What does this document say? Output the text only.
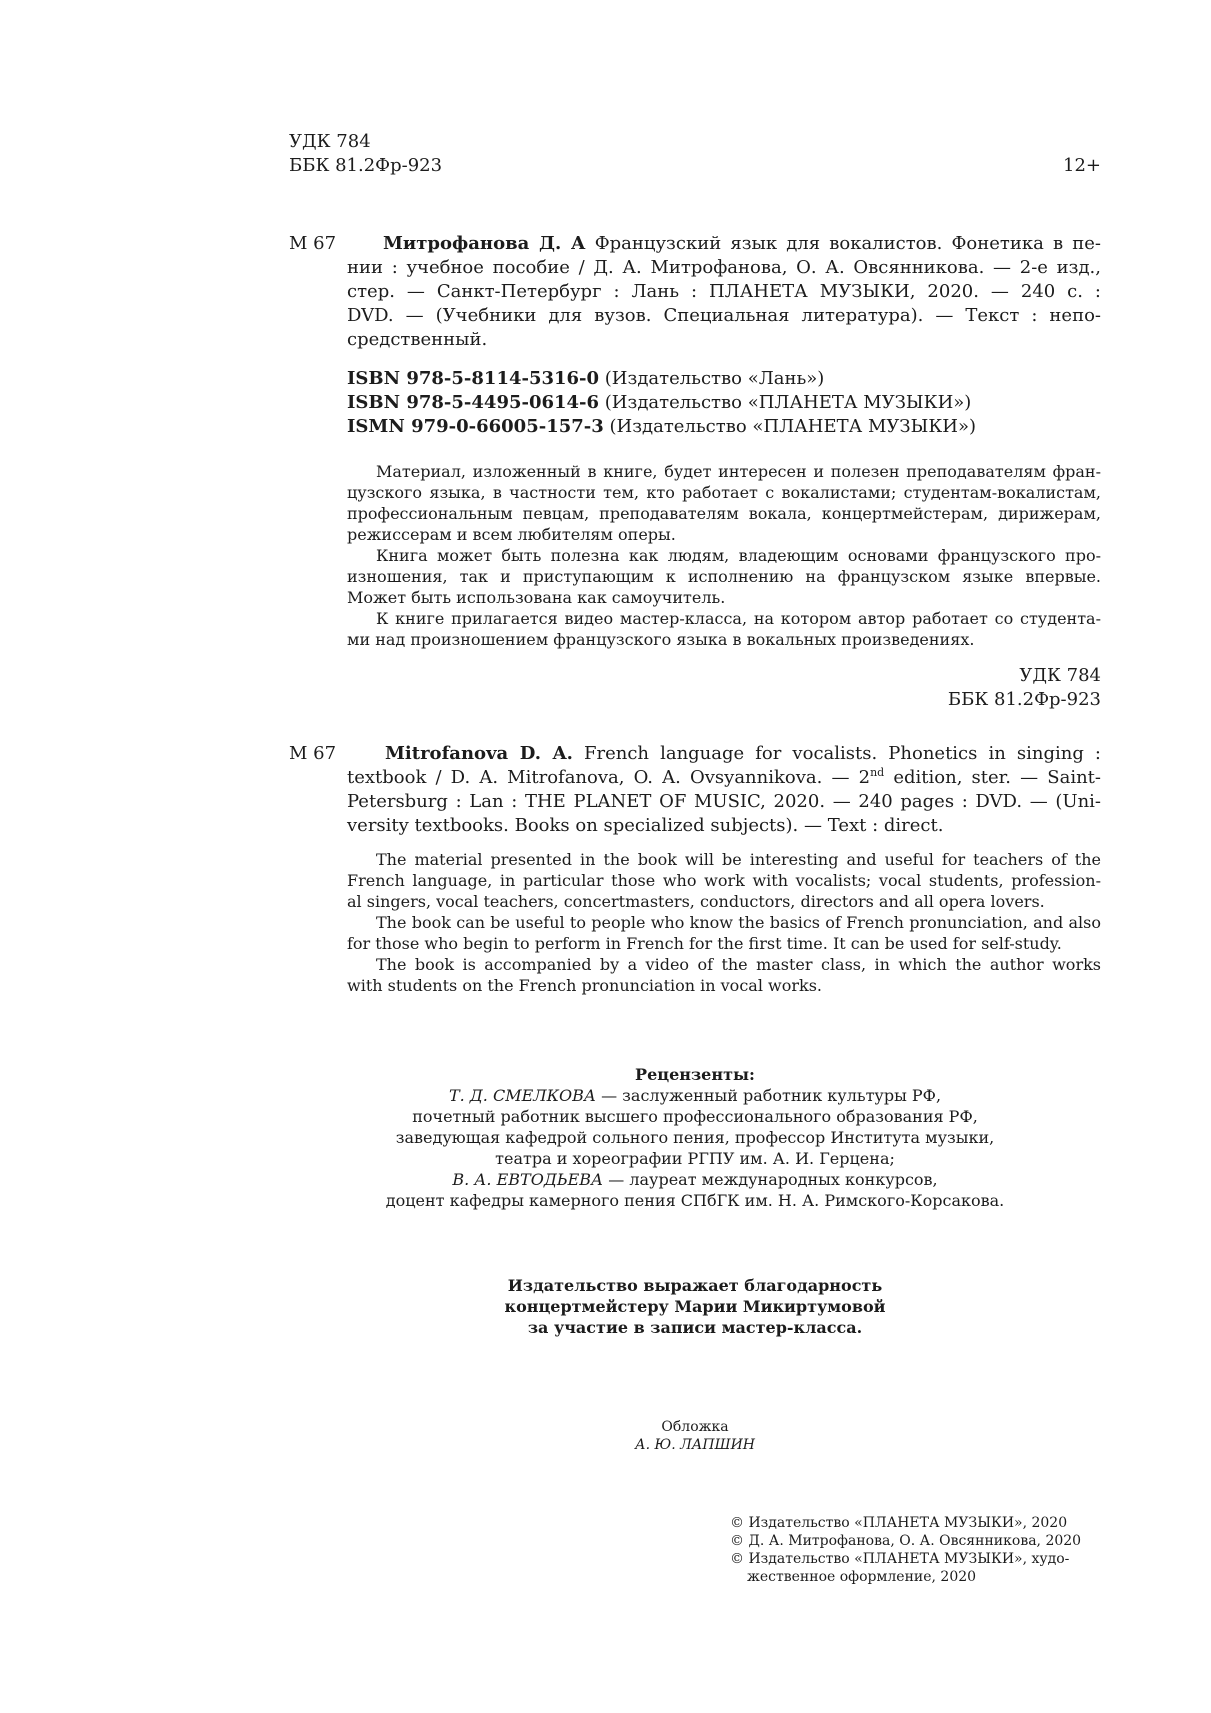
УДК 784
ББК 81.2Фр-923	12+
М 67	Митрофанова Д. А Французский язык для вокалистов. Фонетика в пе-
нии : учебное пособие / Д. А. Митрофанова, О. А. Овсянникова. — 2-е изд.,
стер. — Санкт-Петербург : Лань : ПЛАНЕТА МУЗЫКИ, 2020. — 240 с. :
DVD. — (Учебники для вузов. Специальная литература). — Текст : непо-
средственный.
ISBN 978-5-8114-5316-0 (Издательство «Лань»)
ISBN 978-5-4495-0614-6 (Издательство «ПЛАНЕТА МУЗЫКИ»)
ISMN 979-0-66005-157-3 (Издательство «ПЛАНЕТА МУЗЫКИ»)
Материал, изложенный в книге, будет интересен и полезен преподавателям фран-
цузского языка, в частности тем, кто работает с вокалистами; студентам-вокалистам,
профессиональным певцам, преподавателям вокала, концертмейстерам, дирижерам,
режиссерам и всем любителям оперы.
Книга может быть полезна как людям, владеющим основами французского про-
изношения, так и приступающим к исполнению на французском языке впервые.
Может быть использована как самоучитель.
К книге прилагается видео мастер-класса, на котором автор работает со студента-
ми над произношением французского языка в вокальных произведениях.
УДК 784
ББК 81.2Фр-923
М 67	Mitrofanova D. A. French language for vocalists. Phonetics in singing :
textbook / D. A. Mitrofanova, O. A. Ovsyannikova. — 2nd edition, ster. — Saint-
Petersburg : Lan : THE PLANET OF MUSIC, 2020. — 240 pages : DVD. — (Uni-
versity textbooks. Books on specialized subjects). — Text : direct.
The material presented in the book will be interesting and useful for teachers of the
French language, in particular those who work with vocalists; vocal students, profession-
al singers, vocal teachers, concertmasters, conductors, directors and all opera lovers.
The book can be useful to people who know the basics of French pronunciation, and also
for those who begin to perform in French for the first time. It can be used for self-study.
The book is accompanied by a video of the master class, in which the author works
with students on the French pronunciation in vocal works.
Рецензенты:
Т. Д. СМЕЛКОВА — заслуженный работник культуры РФ,
почетный работник высшего профессионального образования РФ,
заведующая кафедрой сольного пения, профессор Института музыки,
театра и хореографии РГПУ им. А. И. Герцена;
В. А. ЕВТОДЬЕВА — лауреат международных конкурсов,
доцент кафедры камерного пения СПбГК им. Н. А. Римского-Корсакова.
Издательство выражает благодарность
концертмейстеру Марии Микиртумовой
за участие в записи мастер-класса.
Обложка
А. Ю. ЛАПШИН
© Издательство «ПЛАНЕТА МУЗЫКИ», 2020
© Д. А. Митрофанова, О. А. Овсянникова, 2020
© Издательство «ПЛАНЕТА МУЗЫКИ», худо-
жественное оформление, 2020
